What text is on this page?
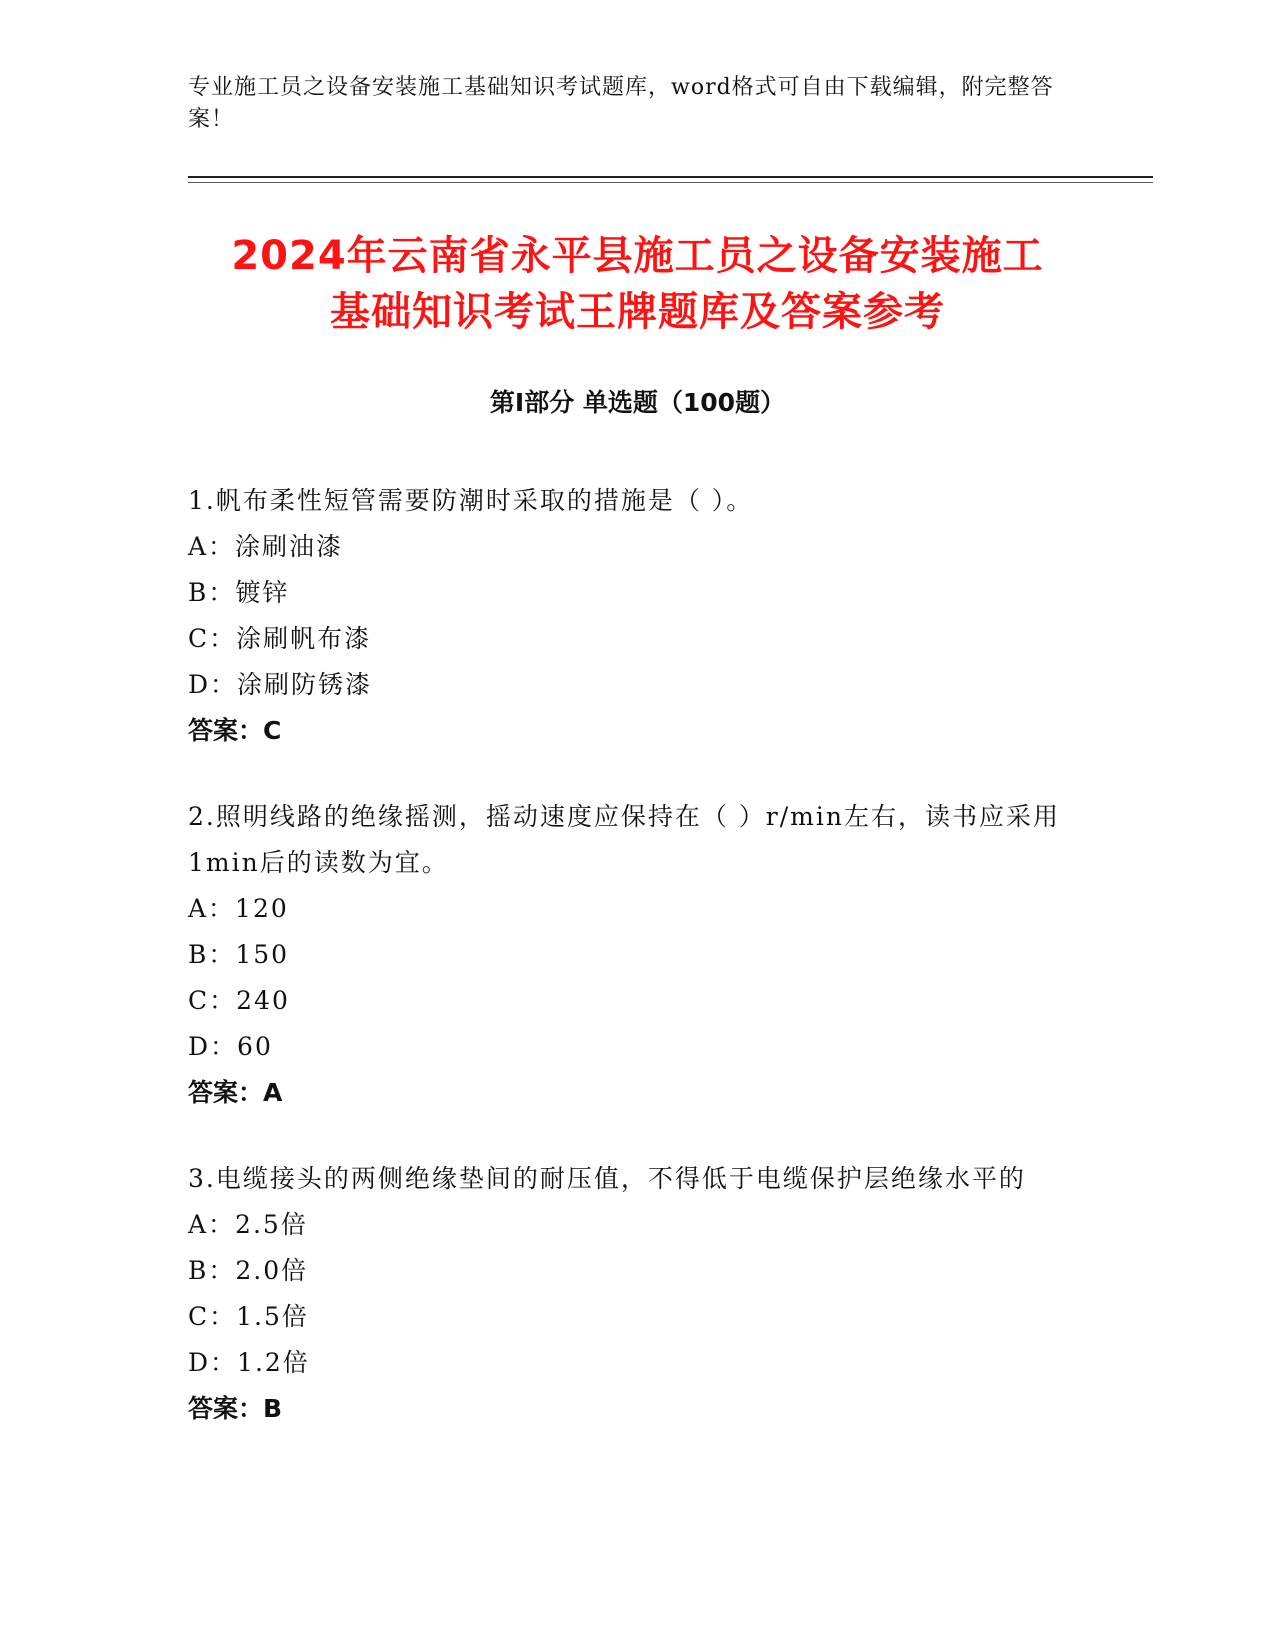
专业施工员之设备安装施工基础知识考试题库，word格式可自由下载编辑，附完整答案！
2024年云南省永平县施工员之设备安装施工
基础知识考试王牌题库及答案参考
第Ⅰ部分 单选题（100题）
1.帆布柔性短管需要防潮时采取的措施是（ ）。
A：涂刷油漆
B：镀锌
C：涂刷帆布漆
D：涂刷防锈漆
答案：C
2.照明线路的绝缘摇测，摇动速度应保持在（ ）r/min左右，读书应采用1min后的读数为宜。
A：120
B：150
C：240
D：60
答案：A
3.电缆接头的两侧绝缘垫间的耐压值，不得低于电缆保护层绝缘水平的
A：2.5倍
B：2.0倍
C：1.5倍
D：1.2倍
答案：B
